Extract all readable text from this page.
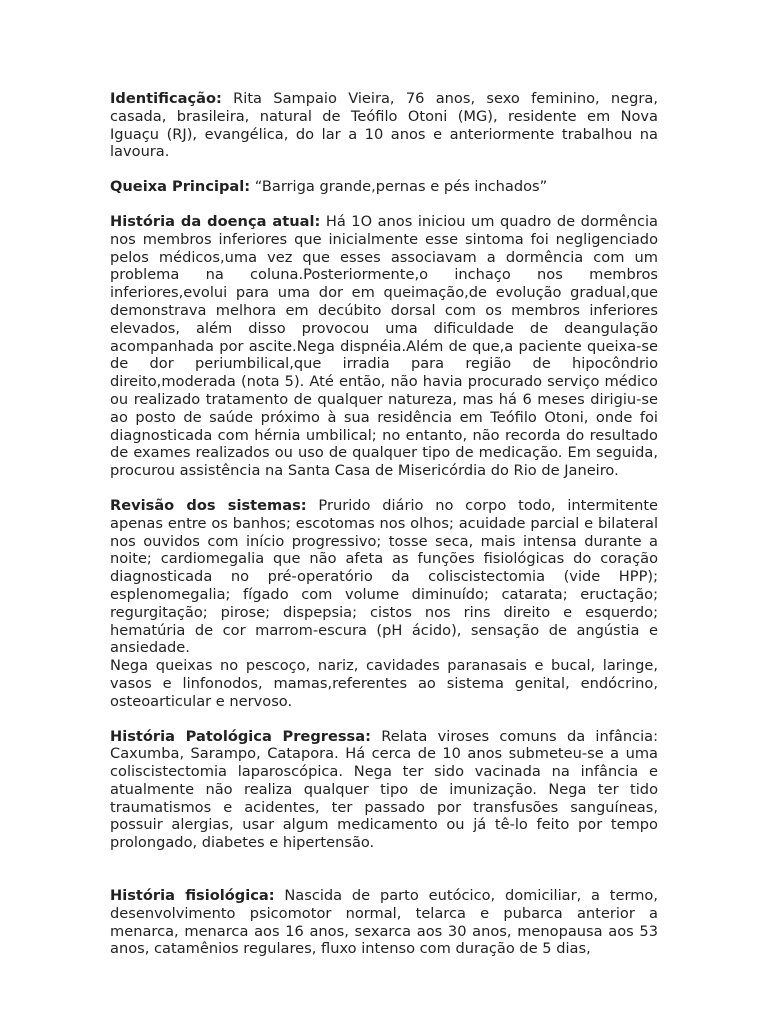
Identificação: Rita Sampaio Vieira, 76 anos, sexo feminino, negra, casada, brasileira, natural de Teófilo Otoni (MG), residente em Nova Iguaçu (RJ), evangélica, do lar a 10 anos e anteriormente trabalhou na lavoura.

Queixa Principal: “Barriga grande,pernas e pés inchados”

História da doença atual: Há 1O anos iniciou um quadro de dormência nos membros inferiores que inicialmente esse sintoma foi negligenciado pelos médicos,uma vez que esses associavam a dormência com um problema na coluna.Posteriormente,o inchaço nos membros inferiores,evolui para uma dor em queimação,de evolução gradual,que demonstrava melhora em decúbito dorsal com os membros inferiores elevados, além disso provocou uma dificuldade de deangulação acompanhada por ascite.Nega dispnéia.Além de que,a paciente queixa-se de dor periumbilical,que irradia para região de hipocôndrio direito,moderada (nota 5). Até então, não havia procurado serviço médico ou realizado tratamento de qualquer natureza, mas há 6 meses dirigiu-se ao posto de saúde próximo à sua residência em Teófilo Otoni, onde foi diagnosticada com hérnia umbilical; no entanto, não recorda do resultado de exames realizados ou uso de qualquer tipo de medicação. Em seguida, procurou assistência na Santa Casa de Misericórdia do Rio de Janeiro.

Revisão dos sistemas: Prurido diário no corpo todo, intermitente apenas entre os banhos; escotomas nos olhos; acuidade parcial e bilateral nos ouvidos com início progressivo; tosse seca, mais intensa durante a noite; cardiomegalia que não afeta as funções fisiológicas do coração diagnosticada no pré-operatório da coliscistectomia (vide HPP); esplenomegalia; fígado com volume diminuído; catarata; eructação; regurgitação; pirose; dispepsia; cistos nos rins direito e esquerdo; hematúria de cor marrom-escura (pH ácido), sensação de angústia e ansiedade.

Nega queixas no pescoço, nariz, cavidades paranasais e bucal, laringe, vasos e linfonodos, mamas,referentes ao sistema genital, endócrino, osteoarticular e nervoso.

História Patológica Pregressa: Relata viroses comuns da infância: Caxumba, Sarampo, Catapora. Há cerca de 10 anos submeteu-se a uma coliscistectomia laparoscópica. Nega ter sido vacinada na infância e atualmente não realiza qualquer tipo de imunização. Nega ter tido traumatismos e acidentes, ter passado por transfusões sanguíneas, possuir alergias, usar algum medicamento ou já tê-lo feito por tempo prolongado, diabetes e hipertensão.

História fisiológica: Nascida de parto eutócico, domiciliar, a termo, desenvolvimento psicomotor normal, telarca e pubarca anterior a menarca, menarca aos 16 anos, sexarca aos 30 anos, menopausa aos 53 anos, catamênios regulares, fluxo intenso com duração de 5 dias,
